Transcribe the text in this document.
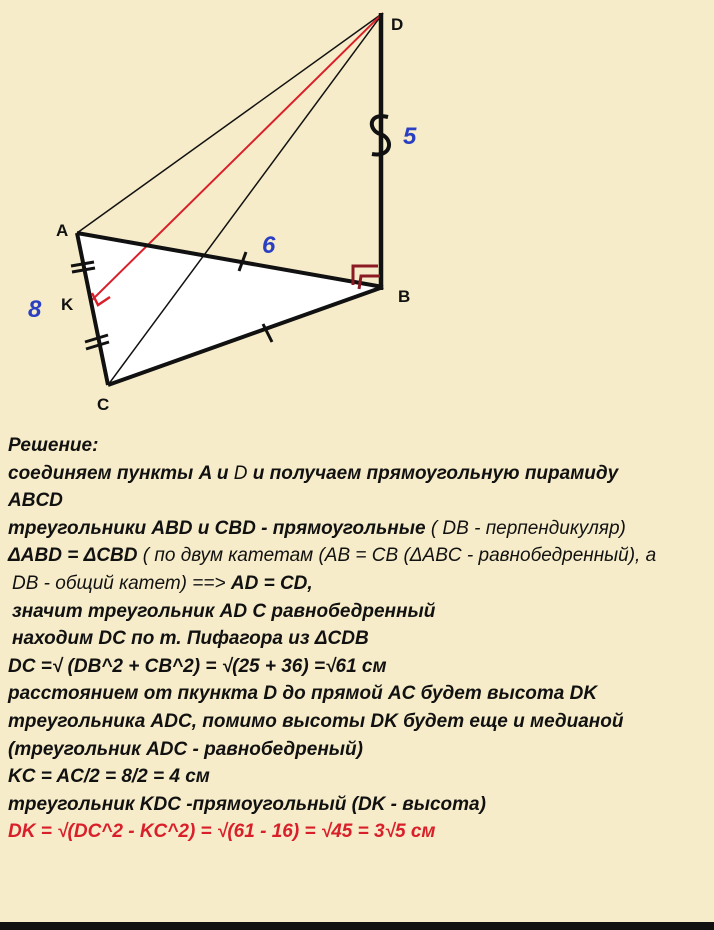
D
A
B
C
K
5
6
8
Решение:
соединяем пункты A и D и получаем прямоугольную пирамиду
ABCD
треугольники ABD и CBD - прямоугольные ( DB - перпендикуляр)
ΔABD = ΔCBD ( по двум катетам (AB = CB (ΔABC - равнобедренный), а
DB - общий катет) ==> AD = CD,
значит треугольник AD C равнобедренный
находим DC по т. Пифагора из ΔCDB
DC =√ (DB^2 + CB^2) = √(25 + 36) =√61 см
расстоянием от пкункта D до прямой AC будет высота DK
треугольника ADC, помимо высоты DK будет еще и медианой
(треугольник ADC - равнобедреный)
KC = AC/2 = 8/2 = 4 см
треугольник KDC -прямоугольный (DK - высота)
DK = √(DC^2 - KC^2) = √(61 - 16) = √45 = 3√5 см
